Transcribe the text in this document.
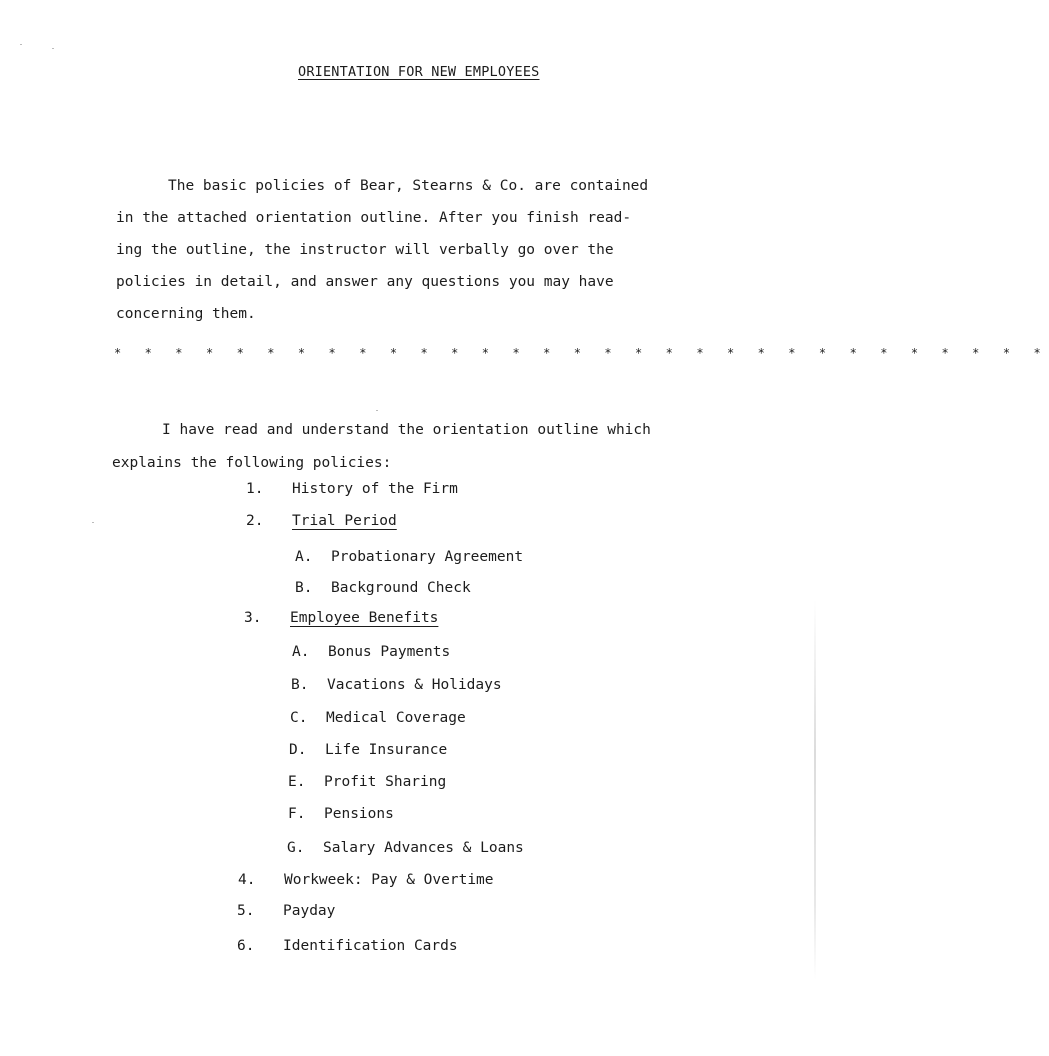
ORIENTATION FOR NEW EMPLOYEES
The basic policies of Bear, Stearns & Co. are contained
in the attached orientation outline. After you finish read-
ing the outline, the instructor will verbally go over the
policies in detail, and answer any questions you may have
concerning them.
* * * * * * * * * * * * * * * * * * * * * * * * * * * * * * *
I have read and understand the orientation outline which
explains the following policies:
1. History of the Firm
2. Trial Period
A. Probationary Agreement
B. Background Check
3. Employee Benefits
A. Bonus Payments
B. Vacations & Holidays
C. Medical Coverage
D. Life Insurance
E. Profit Sharing
F. Pensions
G. Salary Advances & Loans
4. Workweek: Pay & Overtime
5. Payday
6. Identification Cards
